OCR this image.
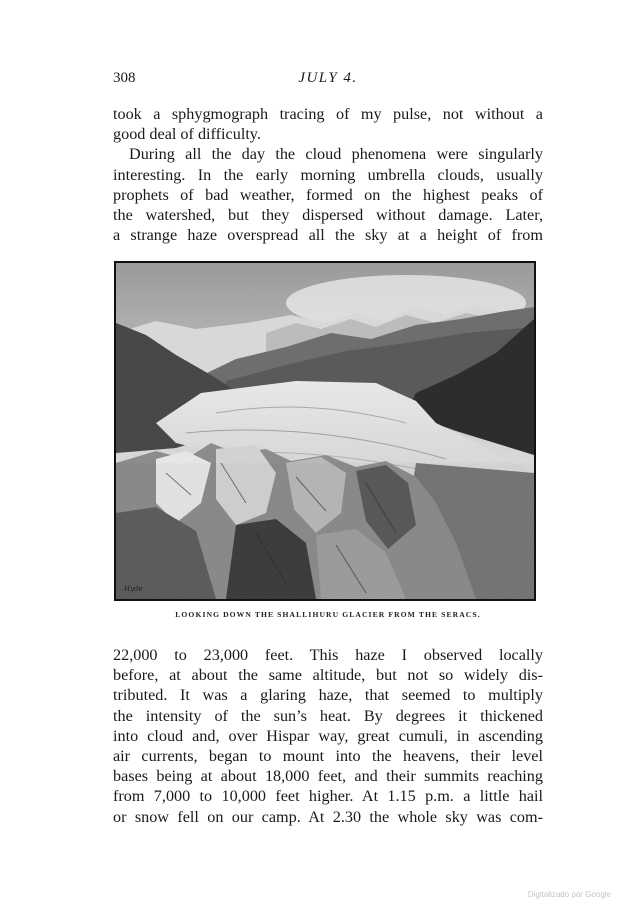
308	JULY 4.

took a sphygmograph tracing of my pulse, not without a
good deal of difficulty.

During all the day the cloud phenomena were singularly
interesting. In the early morning umbrella clouds, usually
prophets of bad weather, formed on the highest peaks of
the watershed, but they dispersed without damage. Later,
a strange haze overspread all the sky at a height of from

Hyde
LOOKING DOWN THE SHALLIHURU GLACIER FROM THE SERACS.

22,000 to 23,000 feet. This haze I observed locally
before, at about the same altitude, but not so widely dis-
tributed. It was a glaring haze, that seemed to multiply
the intensity of the sun’s heat. By degrees it thickened
into cloud and, over Hispar way, great cumuli, in ascending
air currents, began to mount into the heavens, their level
bases being at about 18,000 feet, and their summits reaching
from 7,000 to 10,000 feet higher. At 1.15 p.m. a little hail
or snow fell on our camp. At 2.30 the whole sky was com-

Digitalizado por Google
